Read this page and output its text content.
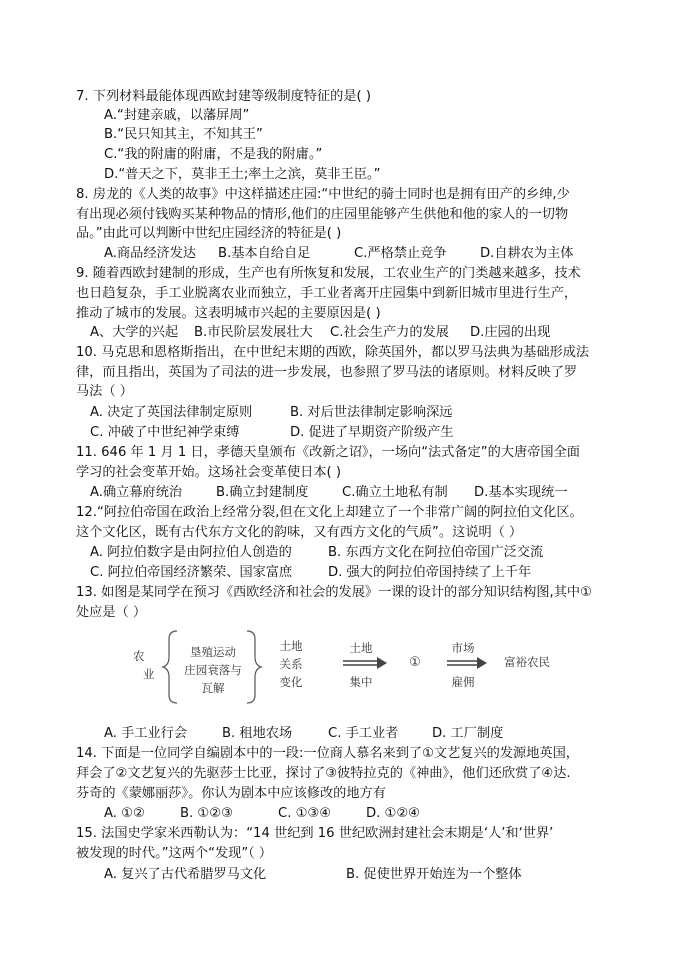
7. 下列材料最能体现西欧封建等级制度特征的是( )
A.“封建亲戚，以藩屏周”
B.“民只知其主，不知其王”
C.“我的附庸的附庸，不是我的附庸。”
D.“普天之下，莫非王土;率土之滨，莫非王臣。”
8. 房龙的《人类的故事》中这样描述庄园:“中世纪的骑士同时也是拥有田产的乡绅,少
有出现必须付钱购买某种物品的情形,他们的庄园里能够产生供他和他的家人的一切物
品。”由此可以判断中世纪庄园经济的特征是( )
A.商品经济发达 B.基本自给自足	C.严格禁止竞争	D.自耕农为主体
9. 随着西欧封建制的形成，生产也有所恢复和发展，工农业生产的门类越来越多，技术
也日趋复杂，手工业脱离农业而独立，手工业者离开庄园集中到新旧城市里进行生产，
推动了城市的发展。这表明城市兴起的主要原因是( )
A、大学的兴起 B.市民阶层发展壮大 C.社会生产力的发展 D.庄园的出现
10. 马克思和恩格斯指出，在中世纪末期的西欧，除英国外，都以罗马法典为基础形成法
律，而且指出，英国为了司法的进一步发展，也参照了罗马法的诸原则。材料反映了罗
马法（ ）
A. 决定了英国法律制定原则	B. 对后世法律制定影响深远
C. 冲破了中世纪神学束缚	D. 促进了早期资产阶级产生
11. 646 年 1 月 1 日，孝德天皇颁布《改新之诏》，一场向“法式备定”的大唐帝国全面
学习的社会变革开始。这场社会变革使日本( )
A.确立幕府统治	B.确立封建制度	C.确立土地私有制 D.基本实现统一
12.“阿拉伯帝国在政治上经常分裂,但在文化上却建立了一个非常广阔的阿拉伯文化区。
这个文化区，既有古代东方文化的韵味，又有西方文化的气质”。这说明（ ）
A. 阿拉伯数字是由阿拉伯人创造的	B. 东西方文化在阿拉伯帝国广泛交流
C. 阿拉伯帝国经济繁荣、国家富庶	D. 强大的阿拉伯帝国持续了上千年
13. 如图是某同学在预习《西欧经济和社会的发展》一课的设计的部分知识结构图,其中①
处应是（ ）
农
业
垦殖运动
庄园衰落与
瓦解
土地
关系
变化
土地
集中
①
市场
雇佣
富裕农民
A. 手工业行会	B. 租地农场	C. 手工业者	D. 工厂制度
14. 下面是一位同学自编剧本中的一段:一位商人慕名来到了①文艺复兴的发源地英国，
拜会了②文艺复兴的先驱莎士比亚，探讨了③彼特拉克的《神曲》，他们还欣赏了④达.
芬奇的《蒙娜丽莎》。你认为剧本中应该修改的地方有
A. ①②	B. ①②③	C. ①③④	D. ①②④
15. 法国史学家米西勒认为：“14 世纪到 16 世纪欧洲封建社会末期是‘人’和‘世界’
被发现的时代。”这两个“发现”（ ）
A. 复兴了古代希腊罗马文化	B. 促使世界开始连为一个整体
